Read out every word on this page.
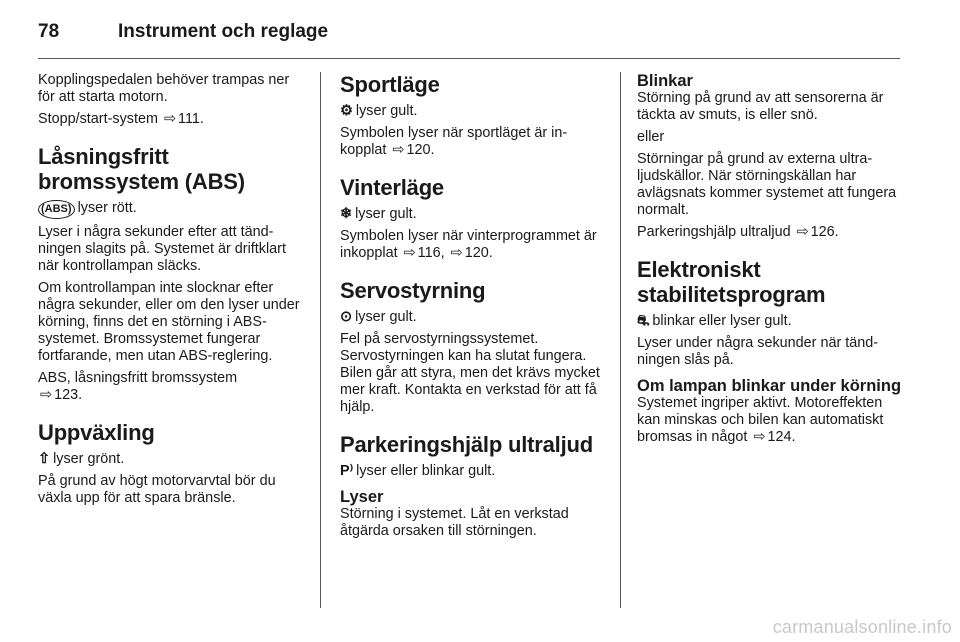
78	Instrument och reglage

Kopplingspedalen behöver trampas ner för att starta motorn.

Stopp/start-system ⇨ 111.

Låsningsfritt bromssystem (ABS)

(ABS) lyser rött.

Lyser i några sekunder efter att tändningen slagits på. Systemet är driftklart när kontrollampan släcks.

Om kontrollampan inte slocknar efter några sekunder, eller om den lyser under körning, finns det en störning i ABS-systemet. Bromssystemet fungerar fortfarande, men utan ABS-reglering.

ABS, låsningsfritt bromssystem
⇨ 123.

Uppväxling

⇧ lyser grönt.

På grund av högt motorvarvtal bör du växla upp för att spara bränsle.

Sportläge

⚙ lyser gult.

Symbolen lyser när sportläget är inkopplat ⇨ 120.

Vinterläge

❄ lyser gult.

Symbolen lyser när vinterprogrammet är inkopplat ⇨ 116, ⇨ 120.

Servostyrning

⊙ lyser gult.

Fel på servostyrningssystemet. Servostyrningen kan ha slutat fungera. Bilen går att styra, men det krävs mycket mer kraft. Kontakta en verkstad för att få hjälp.

Parkeringshjälp ultraljud

P⁾ lyser eller blinkar gult.

Lyser

Störning i systemet. Låt en verkstad åtgärda orsaken till störningen.

Blinkar

Störning på grund av att sensorerna är täckta av smuts, is eller snö.

eller

Störningar på grund av externa ultraljudskällor. När störningskällan har avlägsnats kommer systemet att fungera normalt.

Parkeringshjälp ultraljud ⇨ 126.

Elektroniskt stabilitetsprogram

⛐ blinkar eller lyser gult.

Lyser under några sekunder när tändningen slås på.

Om lampan blinkar under körning

Systemet ingriper aktivt. Motoreffekten kan minskas och bilen kan automatiskt bromsas in något ⇨ 124.

carmanualsonline.info
